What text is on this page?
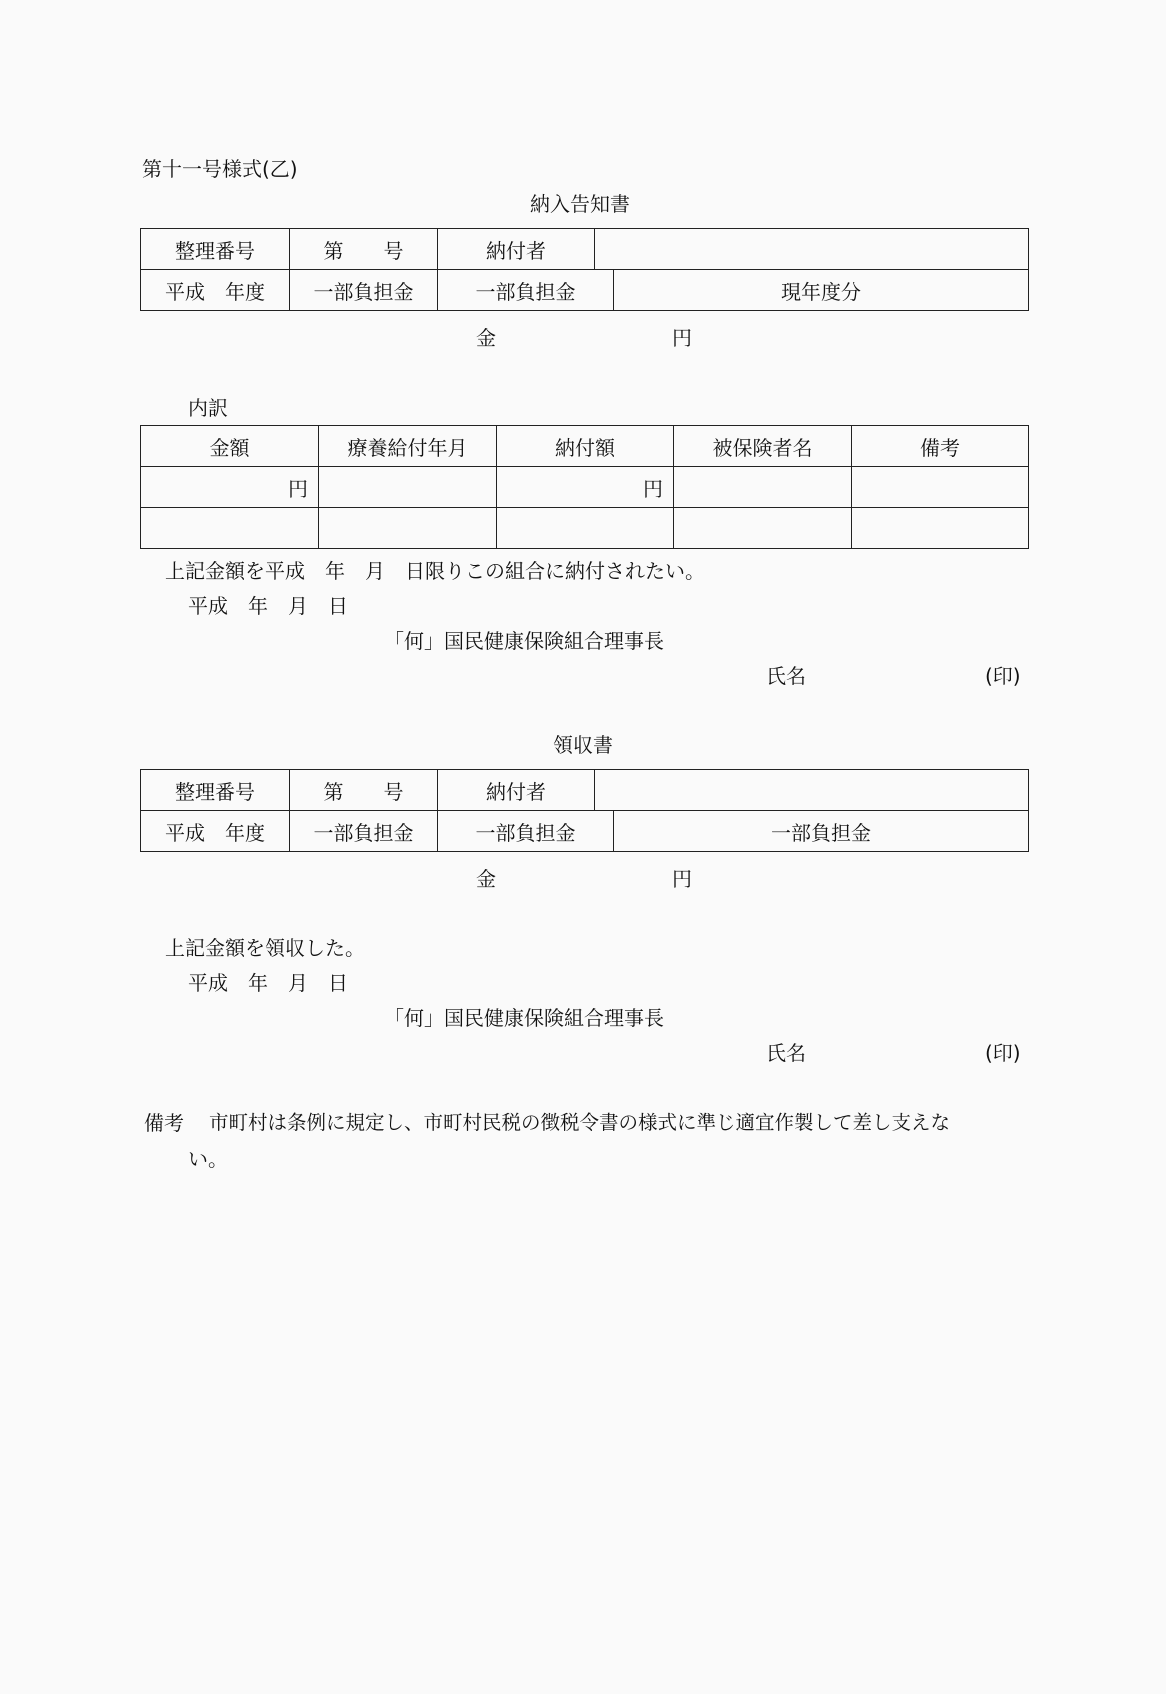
第十一号様式(乙)
納入告知書
整理番号	第　　号	納付者		
平成　年度	一部負担金	一部負担金		現年度分
金	円
内訳
金額	療養給付年月	納付額	被保険者名	備考
円		円		

上記金額を平成　年　月　日限りこの組合に納付されたい。
平成　年　月　日
「何」国民健康保険組合理事長
氏名	(印)
領収書
整理番号	第　　号	納付者		
平成　年度	一部負担金	一部負担金		一部負担金
金	円
上記金額を領収した。
平成　年　月　日
「何」国民健康保険組合理事長
氏名	(印)
備考 市町村は条例に規定し、市町村民税の徴税令書の様式に準じ適宜作製して差し支えな
い。
